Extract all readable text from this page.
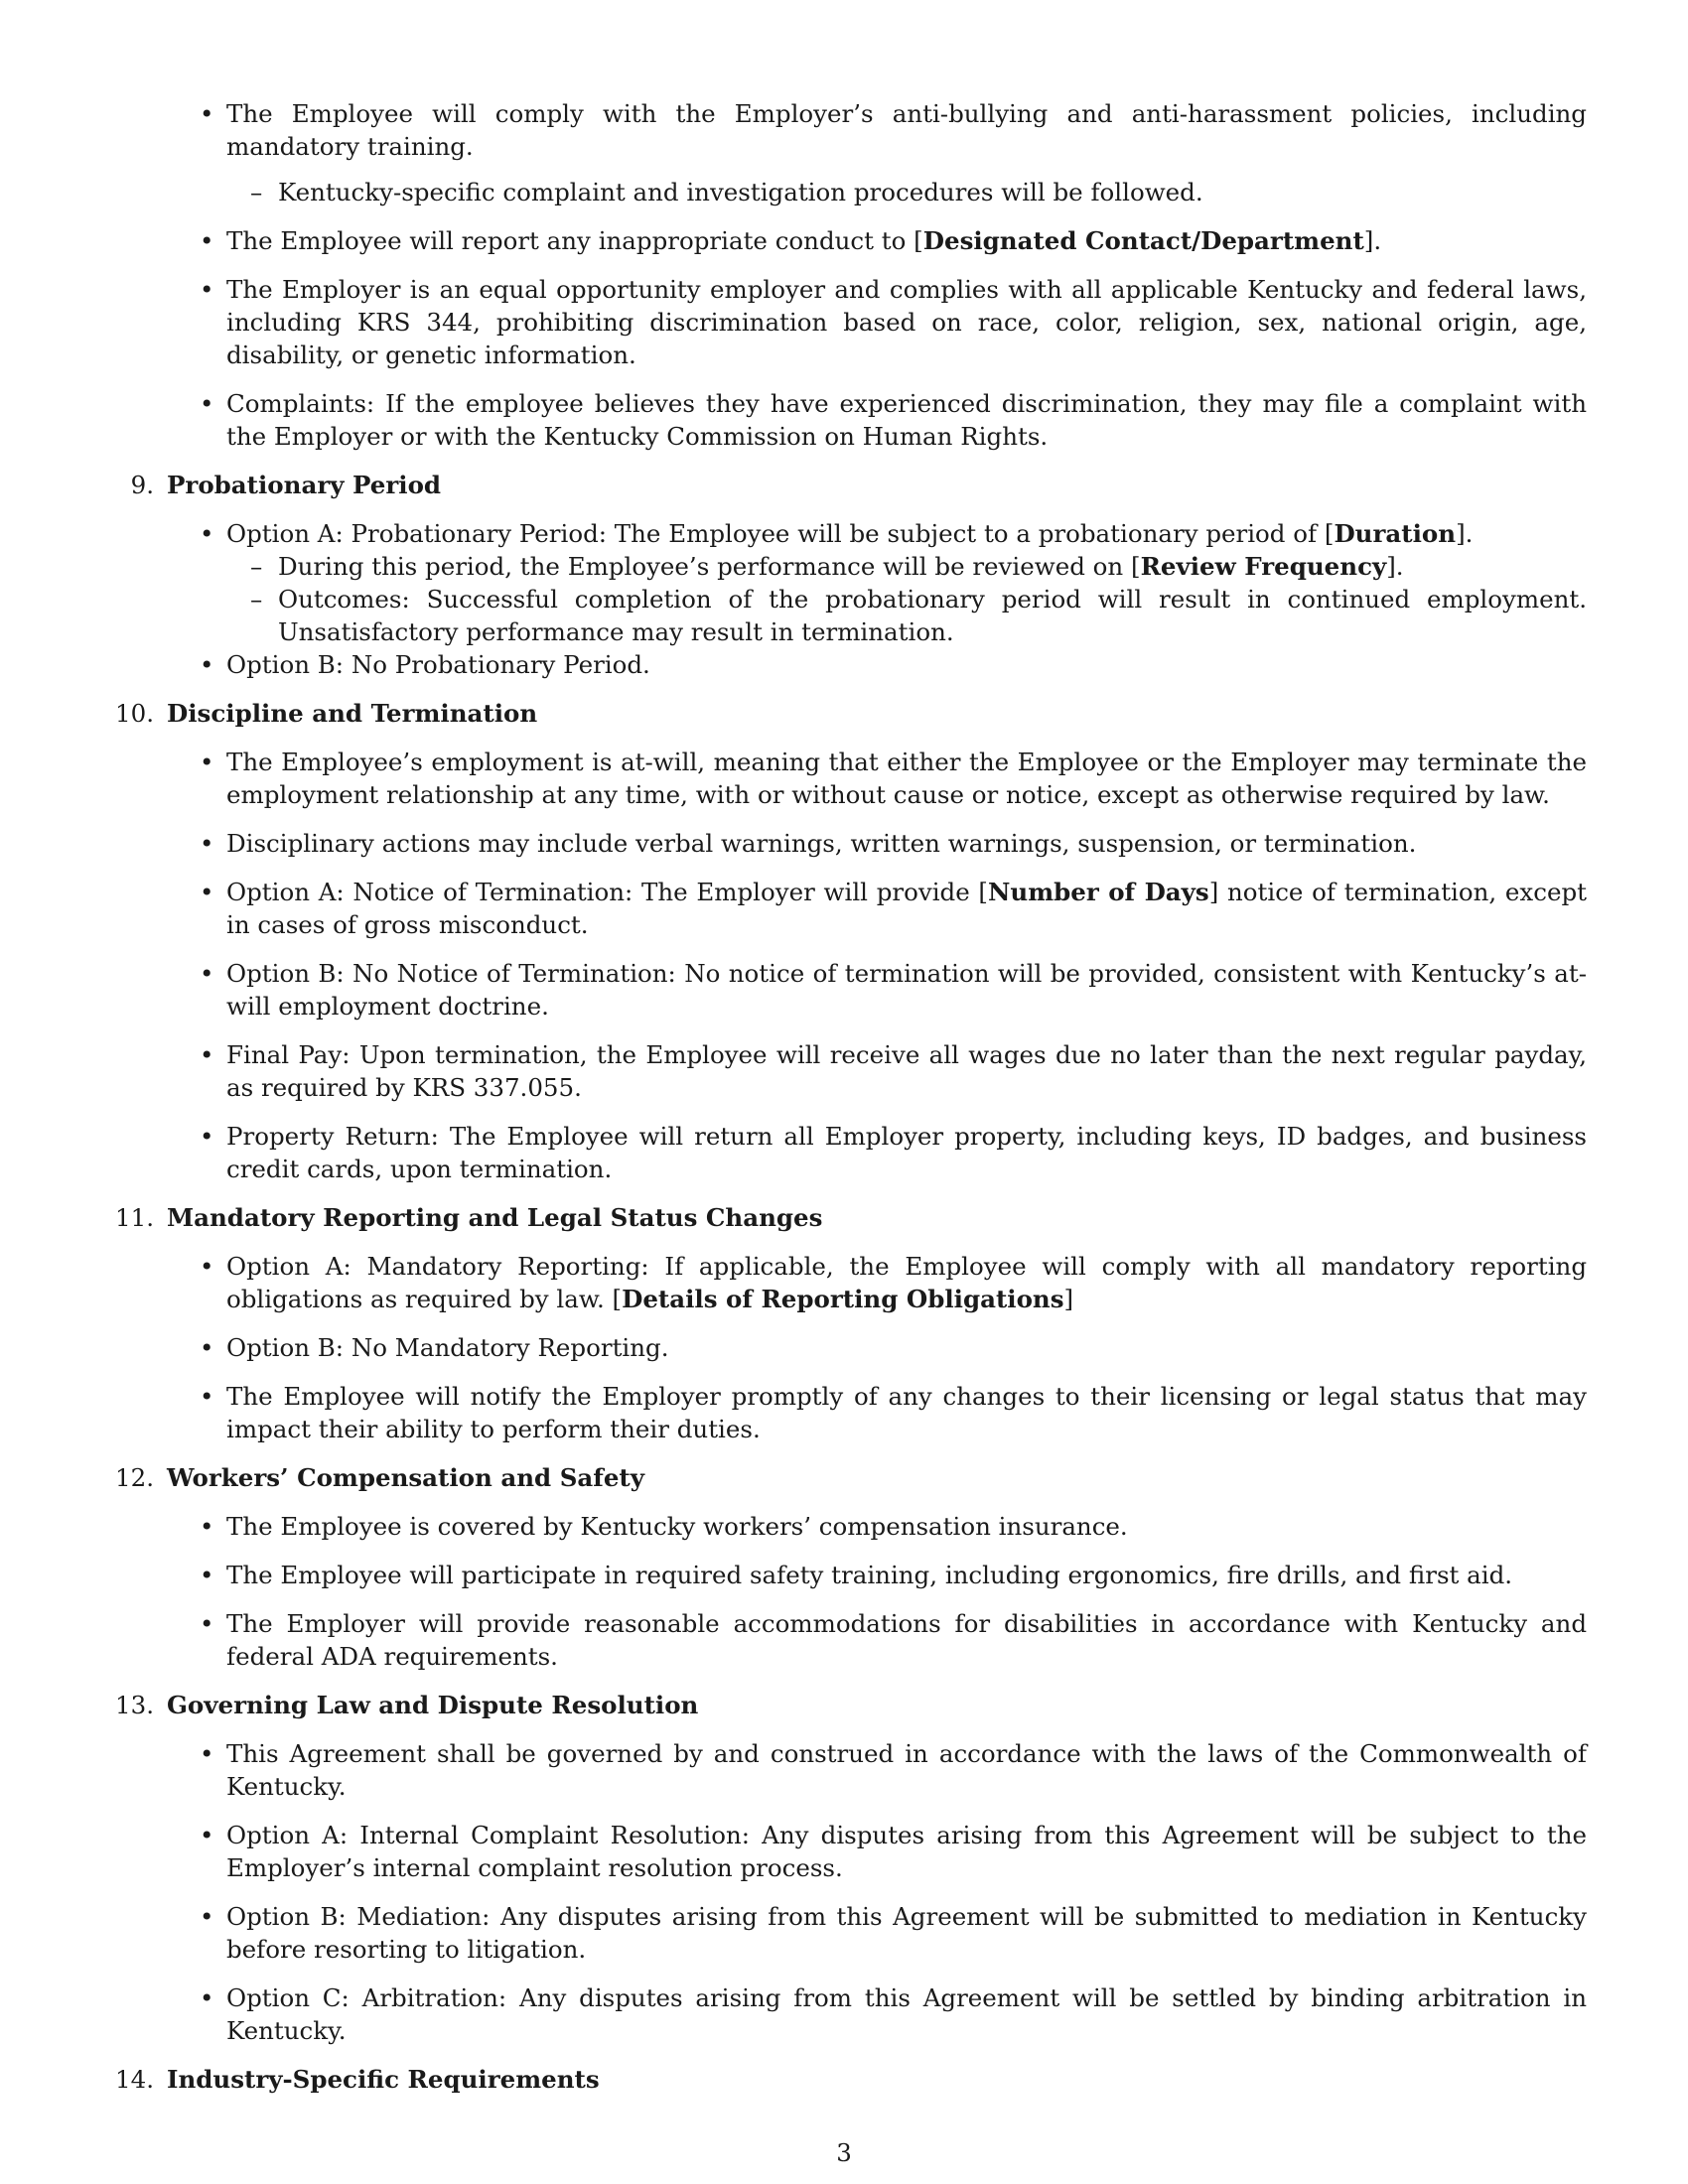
• The Employee will comply with the Employer’s anti-bullying and anti-harassment policies, including mandatory training.
– Kentucky-specific complaint and investigation procedures will be followed.
• The Employee will report any inappropriate conduct to [Designated Contact/Department].
• The Employer is an equal opportunity employer and complies with all applicable Kentucky and federal laws, including KRS 344, prohibiting discrimination based on race, color, religion, sex, national origin, age, disability, or genetic information.
• Complaints: If the employee believes they have experienced discrimination, they may file a complaint with the Employer or with the Kentucky Commission on Human Rights.
9. Probationary Period
• Option A: Probationary Period: The Employee will be subject to a probationary period of [Duration].
– During this period, the Employee’s performance will be reviewed on [Review Frequency].
– Outcomes: Successful completion of the probationary period will result in continued employment. Unsatisfactory performance may result in termination.
• Option B: No Probationary Period.
10. Discipline and Termination
• The Employee’s employment is at-will, meaning that either the Employee or the Employer may terminate the employment relationship at any time, with or without cause or notice, except as otherwise required by law.
• Disciplinary actions may include verbal warnings, written warnings, suspension, or termination.
• Option A: Notice of Termination: The Employer will provide [Number of Days] notice of termination, except in cases of gross misconduct.
• Option B: No Notice of Termination: No notice of termination will be provided, consistent with Kentucky’s at-will employment doctrine.
• Final Pay: Upon termination, the Employee will receive all wages due no later than the next regular payday, as required by KRS 337.055.
• Property Return: The Employee will return all Employer property, including keys, ID badges, and business credit cards, upon termination.
11. Mandatory Reporting and Legal Status Changes
• Option A: Mandatory Reporting: If applicable, the Employee will comply with all mandatory reporting obligations as required by law. [Details of Reporting Obligations]
• Option B: No Mandatory Reporting.
• The Employee will notify the Employer promptly of any changes to their licensing or legal status that may impact their ability to perform their duties.
12. Workers’ Compensation and Safety
• The Employee is covered by Kentucky workers’ compensation insurance.
• The Employee will participate in required safety training, including ergonomics, fire drills, and first aid.
• The Employer will provide reasonable accommodations for disabilities in accordance with Kentucky and federal ADA requirements.
13. Governing Law and Dispute Resolution
• This Agreement shall be governed by and construed in accordance with the laws of the Commonwealth of Kentucky.
• Option A: Internal Complaint Resolution: Any disputes arising from this Agreement will be subject to the Employer’s internal complaint resolution process.
• Option B: Mediation: Any disputes arising from this Agreement will be submitted to mediation in Kentucky before resorting to litigation.
• Option C: Arbitration: Any disputes arising from this Agreement will be settled by binding arbitration in Kentucky.
14. Industry-Specific Requirements
3
